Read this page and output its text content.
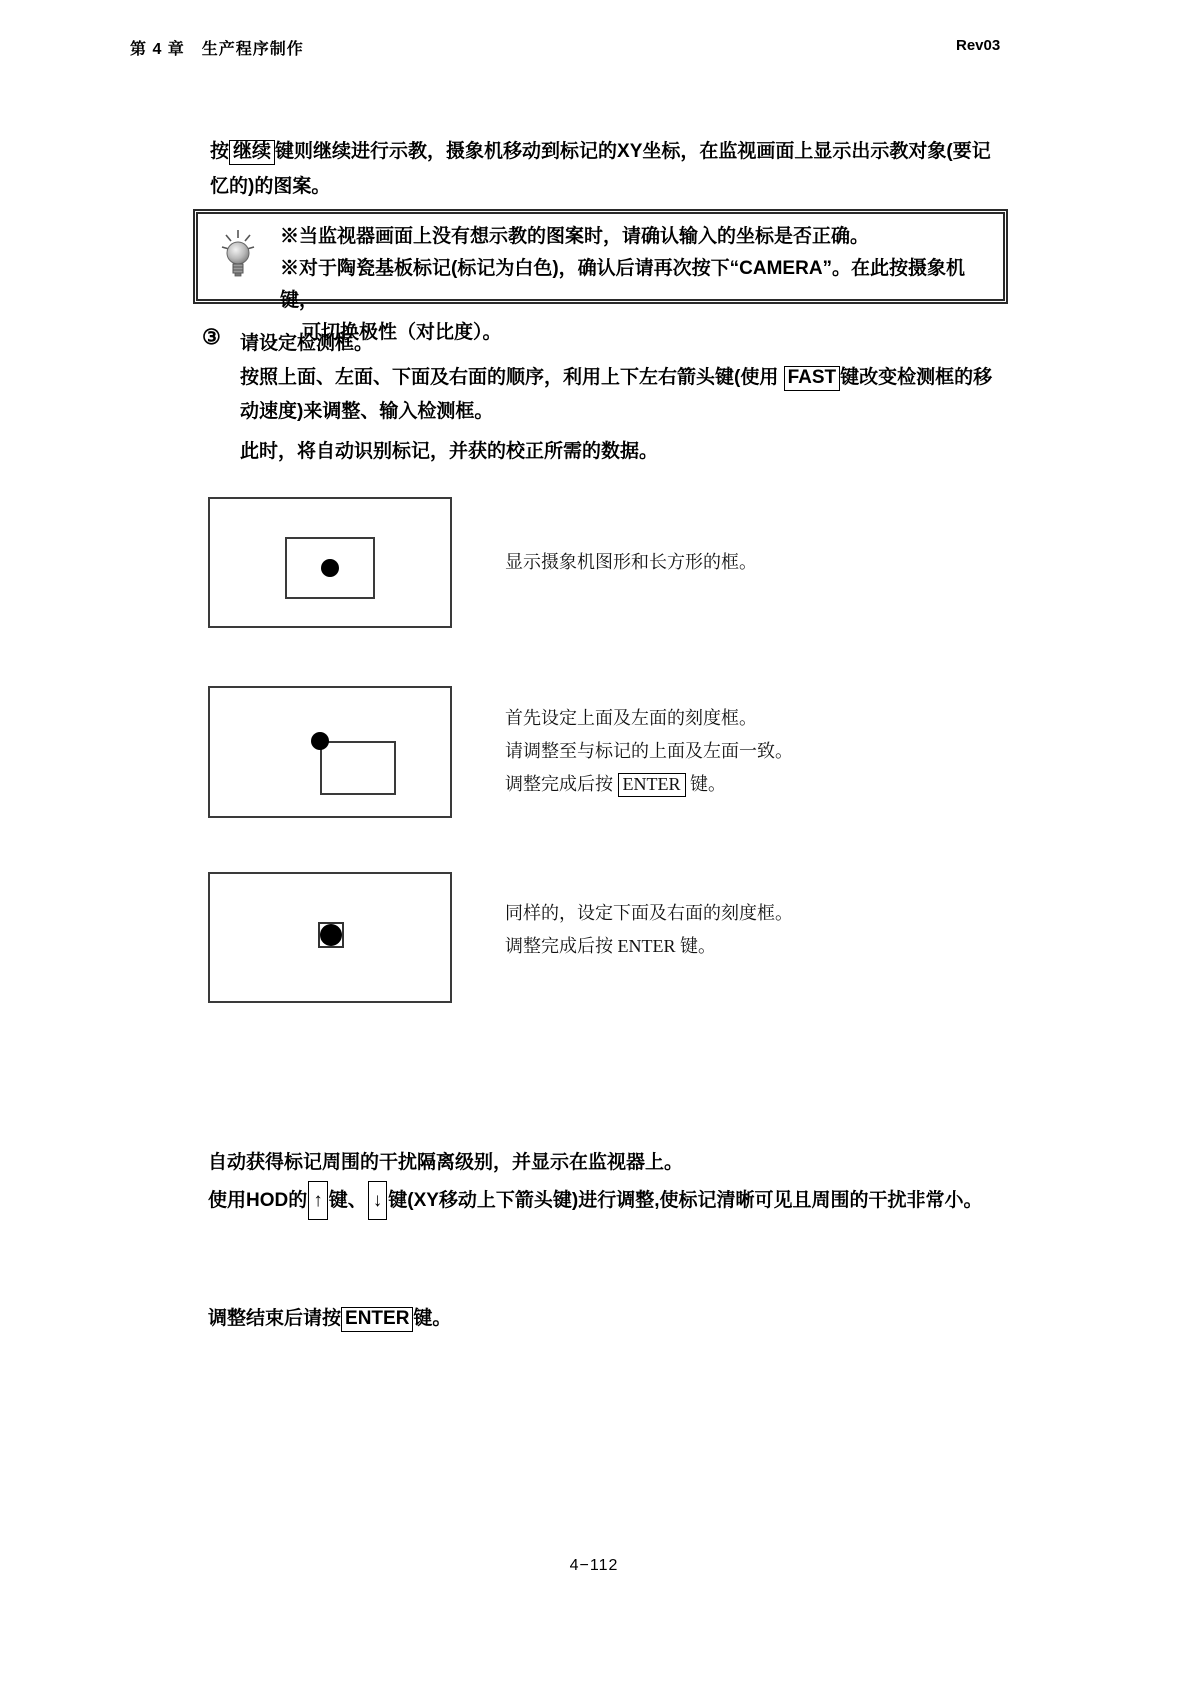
第 4 章　生产程序制作	Rev03
按 继续 键则继续进行示教，摄象机移动到标记的XY坐标，在监视画面上显示出示教对象(要记
忆的)的图案。
※当监视器画面上没有想示教的图案时，请确认输入的坐标是否正确。
※对于陶瓷基板标记(标记为白色)，确认后请再次按下“CAMERA”。在此按摄象机键，
可切换极性（对比度）。
③ 请设定检测框。
按照上面、左面、下面及右面的顺序，利用上下左右箭头键(使用 FAST 键改变检测框的移
动速度)来调整、输入检测框。
此时，将自动识别标记，并获的校正所需的数据。
显示摄象机图形和长方形的框。
首先设定上面及左面的刻度框。
请调整至与标记的上面及左面一致。
调整完成后按 ENTER 键。
同样的，设定下面及右面的刻度框。
调整完成后按 ENTER 键。
自动获得标记周围的干扰隔离级别，并显示在监视器上。
使用HOD的 ↑ 键、 ↓ 键(XY移动上下箭头键)进行调整,使标记清晰可见且周围的干扰非常小。
调整结束后请按 ENTER 键。
4−112
